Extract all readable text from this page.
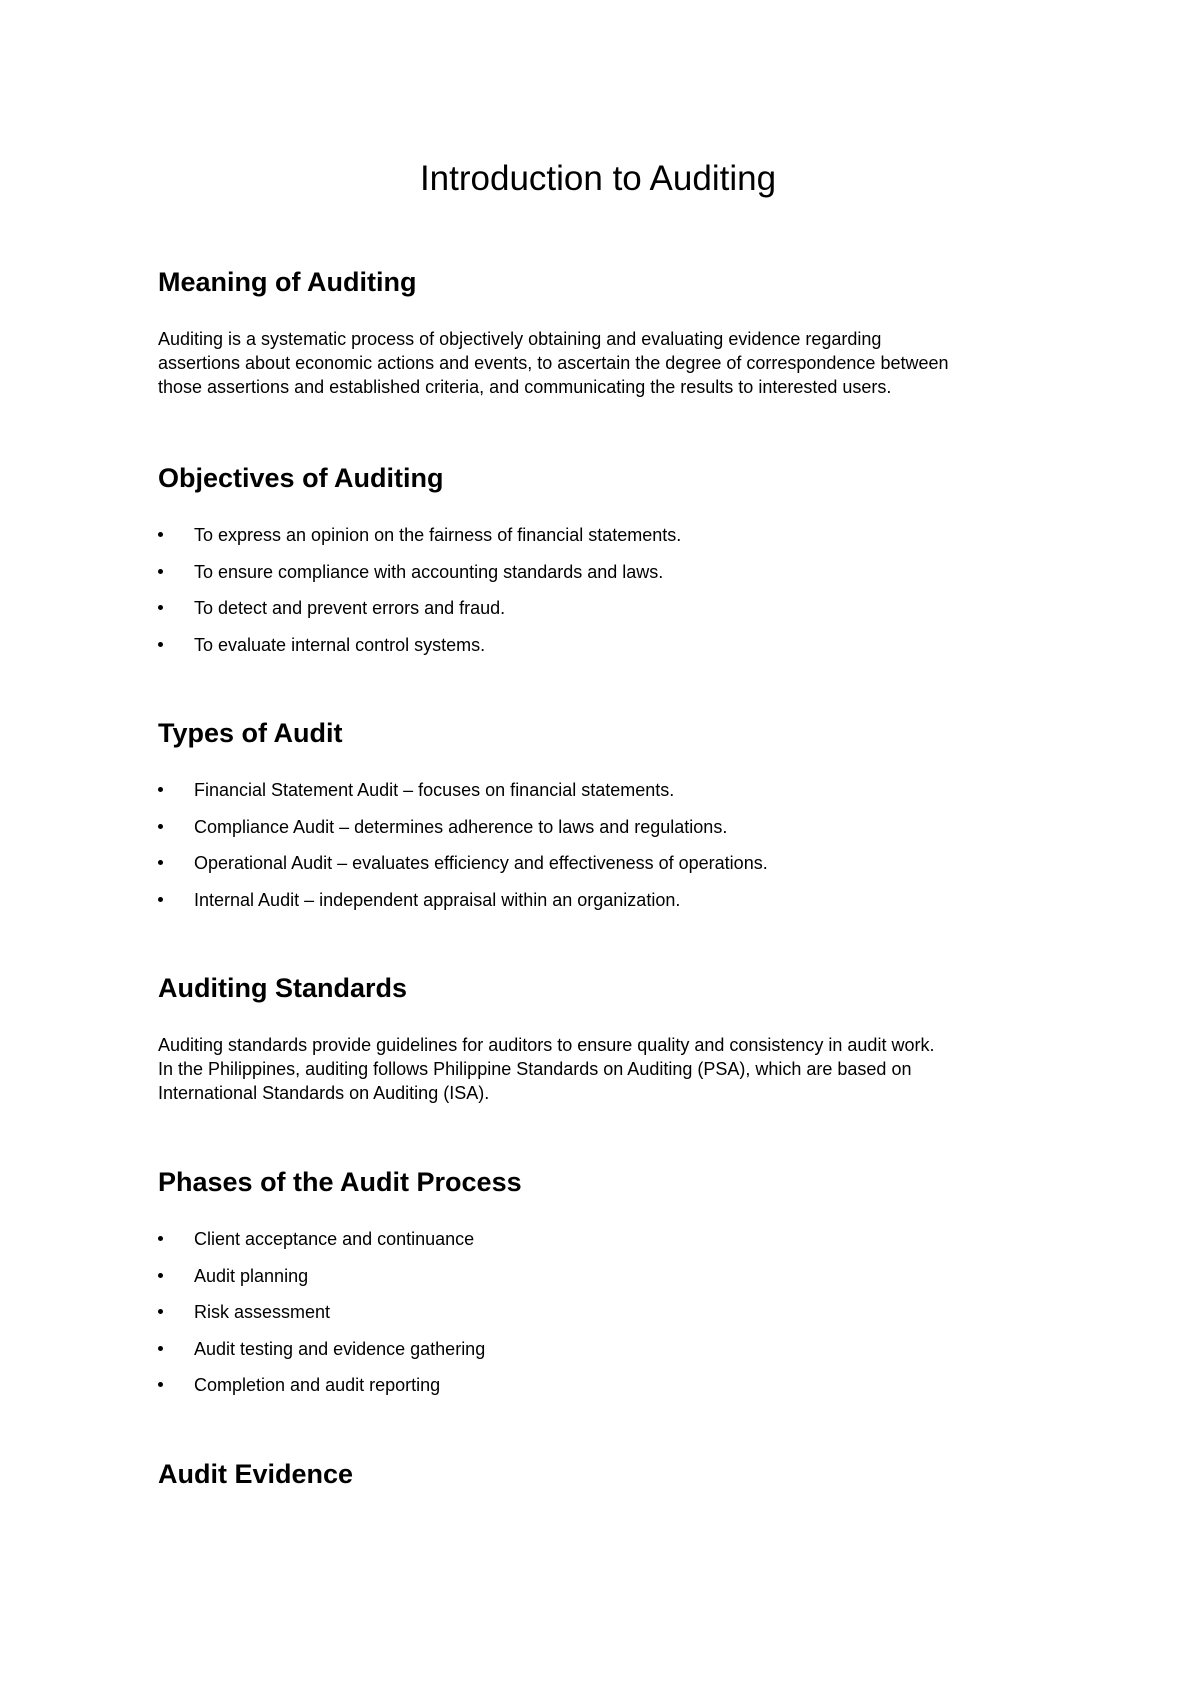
Introduction to Auditing
Meaning of Auditing

Auditing is a systematic process of objectively obtaining and evaluating evidence regarding

assertions about economic actions and events, to ascertain the degree of correspondence between

those assertions and established criteria, and communicating the results to interested users.

Objectives of Auditing
To express an opinion on the fairness of financial statements.
To ensure compliance with accounting standards and laws.
To detect and prevent errors and fraud.
To evaluate internal control systems.
Types of Audit
Financial Statement Audit – focuses on financial statements.
Compliance Audit – determines adherence to laws and regulations.
Operational Audit – evaluates efficiency and effectiveness of operations.
Internal Audit – independent appraisal within an organization.
Auditing Standards

Auditing standards provide guidelines for auditors to ensure quality and consistency in audit work.

In the Philippines, auditing follows Philippine Standards on Auditing (PSA), which are based on

International Standards on Auditing (ISA).

Phases of the Audit Process
Client acceptance and continuance
Audit planning
Risk assessment
Audit testing and evidence gathering
Completion and audit reporting
Audit Evidence
